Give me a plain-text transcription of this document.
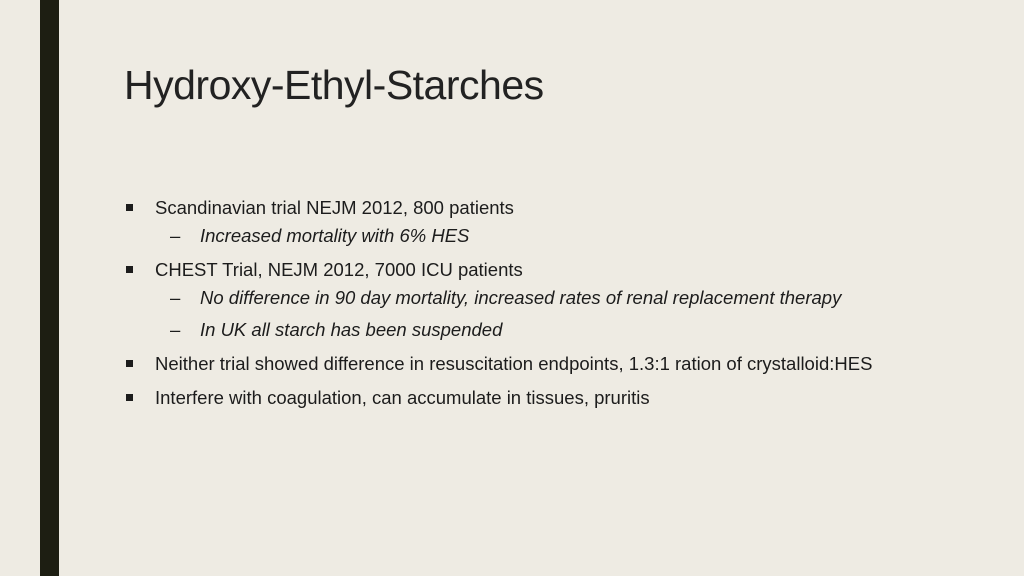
Hydroxy-Ethyl-Starches
Scandinavian trial NEJM 2012, 800 patients
– Increased mortality with 6% HES
CHEST Trial, NEJM 2012, 7000 ICU patients
– No difference in 90 day mortality, increased rates of renal replacement therapy
– In UK all starch has been suspended
Neither trial showed difference in resuscitation endpoints, 1.3:1 ration of crystalloid:HES
Interfere with coagulation, can accumulate in tissues, pruritis
